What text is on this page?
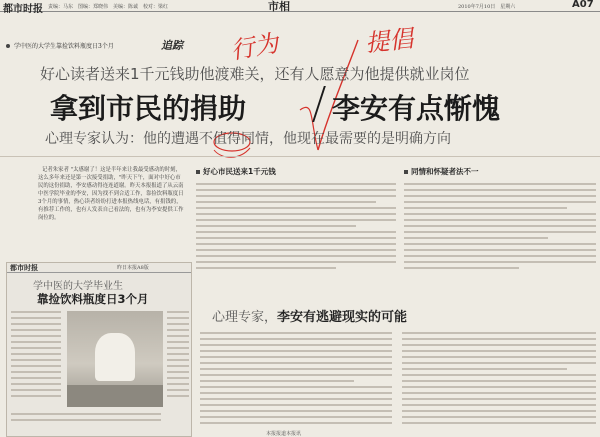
都市时报 责编：马东　图编：郑晓伟　美编：陈诚　校对：梁红	市相	2010年7月10日　星期六	A07
学中医的大学生靠捡饮料瓶度日3个月	追踪 行为	提倡
好心读者送来1千元钱助他渡难关，还有人愿意为他提供就业岗位
拿到市民的捐助	李安有点惭愧
心理专家认为：他的遭遇不值得同情，他现在最需要的是明确方向
记者朱家者 "太感谢了！这是半年来让我最受感动的时刻，这么多年来还是第一次接受捐助，"昨天下午，面对中好心市民的这份捐助，李安感动得连连道谢。昨天本报报道了从云南中医学院毕业的李安，因为找不到合适工作，靠捡饮料瓶度日3个月的事情，热心读者纷纷打进本报热线电话，有捐钱的，有推荐工作的，也有人发表自己看法的，也有为李安提供工作岗位的。
好心市民送来1千元钱	同情和怀疑者法不一
都市时报	昨日本报A8版
学中医的大学毕业生
靠捡饮料瓶度日3个月
心理专家，李安有逃避现实的可能
本报报道本报讯
